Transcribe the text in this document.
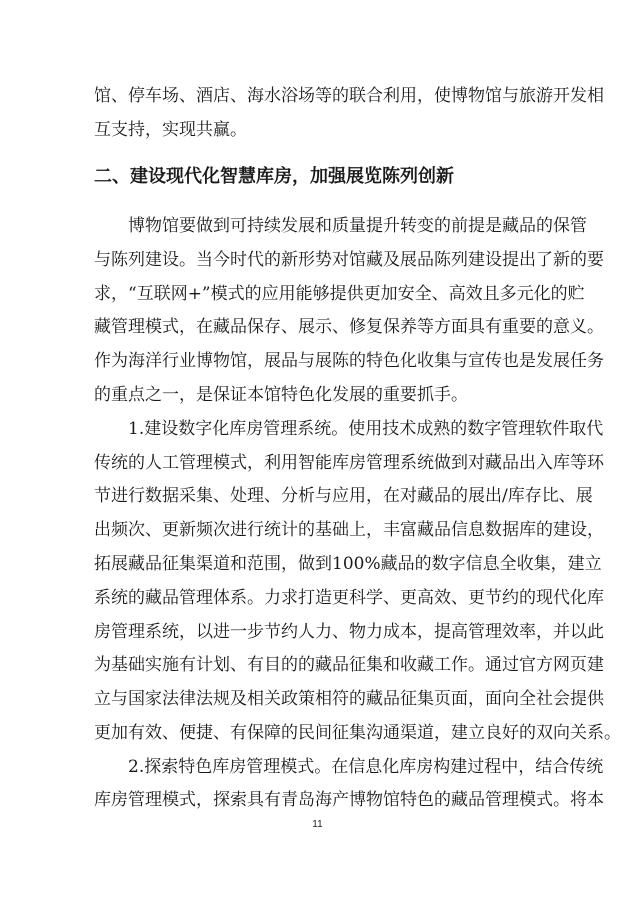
馆、停车场、酒店、海水浴场等的联合利用，使博物馆与旅游开发相
互支持，实现共赢。
二、建设现代化智慧库房，加强展览陈列创新
博物馆要做到可持续发展和质量提升转变的前提是藏品的保管
与陈列建设。当今时代的新形势对馆藏及展品陈列建设提出了新的要
求，“互联网+”模式的应用能够提供更加安全、高效且多元化的贮
藏管理模式，在藏品保存、展示、修复保养等方面具有重要的意义。
作为海洋行业博物馆，展品与展陈的特色化收集与宣传也是发展任务
的重点之一，是保证本馆特色化发展的重要抓手。
1.建设数字化库房管理系统。使用技术成熟的数字管理软件取代
传统的人工管理模式，利用智能库房管理系统做到对藏品出入库等环
节进行数据采集、处理、分析与应用，在对藏品的展出/库存比、展
出频次、更新频次进行统计的基础上，丰富藏品信息数据库的建设，
拓展藏品征集渠道和范围，做到100%藏品的数字信息全收集，建立
系统的藏品管理体系。力求打造更科学、更高效、更节约的现代化库
房管理系统，以进一步节约人力、物力成本，提高管理效率，并以此
为基础实施有计划、有目的的藏品征集和收藏工作。通过官方网页建
立与国家法律法规及相关政策相符的藏品征集页面，面向全社会提供
更加有效、便捷、有保障的民间征集沟通渠道，建立良好的双向关系。
2.探索特色库房管理模式。在信息化库房构建过程中，结合传统
库房管理模式，探索具有青岛海产博物馆特色的藏品管理模式。将本
11
